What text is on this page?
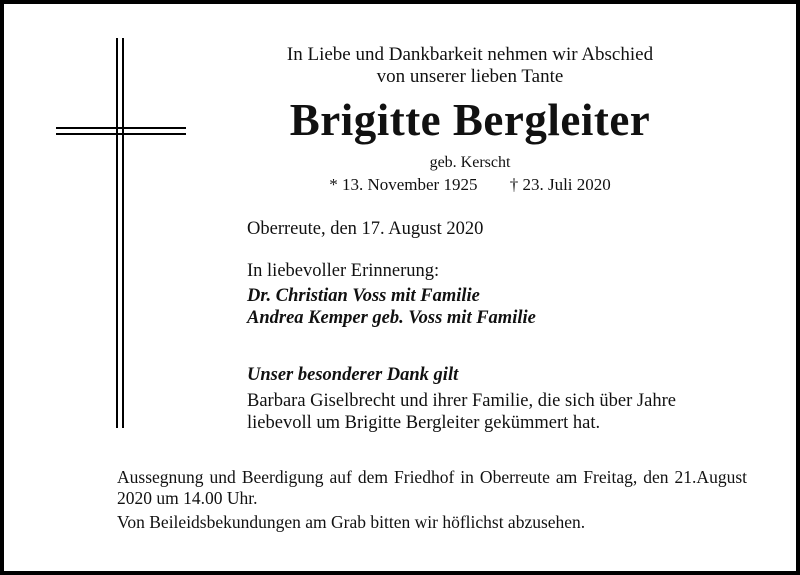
In Liebe und Dankbarkeit nehmen wir Abschied
von unserer lieben Tante
Brigitte Bergleiter
geb. Kerscht
* 13. November 1925 † 23. Juli 2020
Oberreute, den 17. August 2020
In liebevoller Erinnerung:
Dr. Christian Voss mit Familie
Andrea Kemper geb. Voss mit Familie
Unser besonderer Dank gilt
Barbara Giselbrecht und ihrer Familie, die sich über Jahre liebevoll um Brigitte Bergleiter gekümmert hat.
Aussegnung und Beerdigung auf dem Friedhof in Oberreute am Freitag, den 21.August 2020 um 14.00 Uhr.
Von Beileidsbekundungen am Grab bitten wir höflichst abzusehen.
